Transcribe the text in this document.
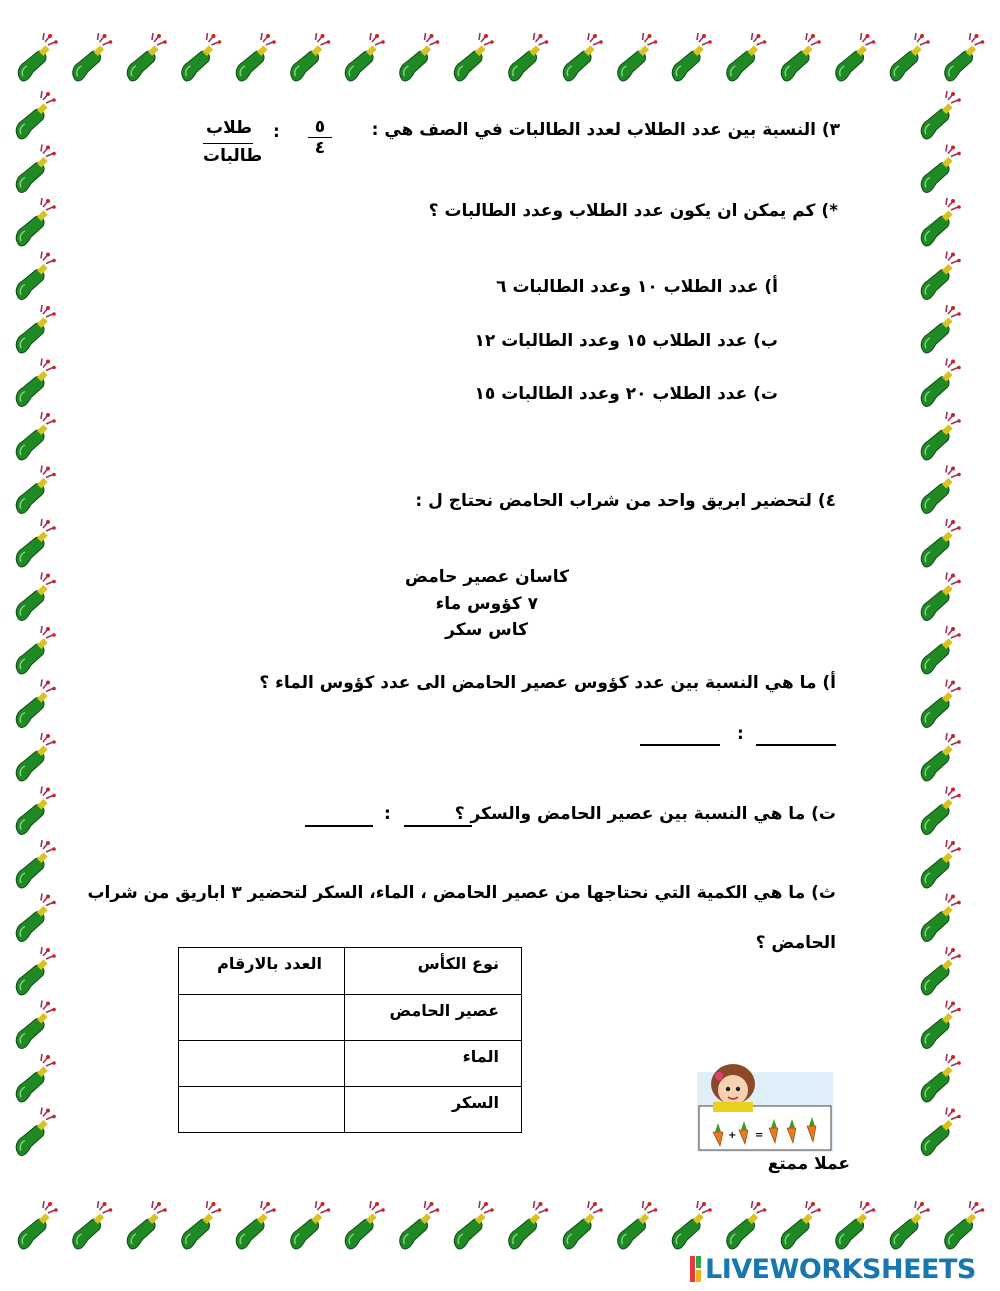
٣) النسبة بين عدد الطلاب لعدد الطالبات في الصف هي :
طلاب
طالبات
:	٥
٤
*) كم يمكن ان يكون عدد الطلاب وعدد الطالبات ؟
أ) عدد الطلاب ١٠ وعدد الطالبات ٦
ب) عدد الطلاب ١٥ وعدد الطالبات ١٢
ت) عدد الطلاب ٢٠ وعدد الطالبات ١٥
٤) لتحضير ابريق واحد من شراب الحامض نحتاج ل :
كاسان عصير حامض
٧ كؤوس ماء
كاس سكر
أ) ما هي النسبة بين عدد كؤوس عصير الحامض الى عدد كؤوس الماء ؟
:
ت) ما هي النسبة بين عصير الحامض والسكر ؟
:
ث) ما هي الكمية التي نحتاجها من عصير الحامض ، الماء، السكر لتحضير ٣ اباريق من شراب
الحامض ؟
نوع الكأس	العدد بالارقام
عصير الحامض	
الماء	
السكر	
+ =
عملا ممتع
LIVEWORKSHEETS
